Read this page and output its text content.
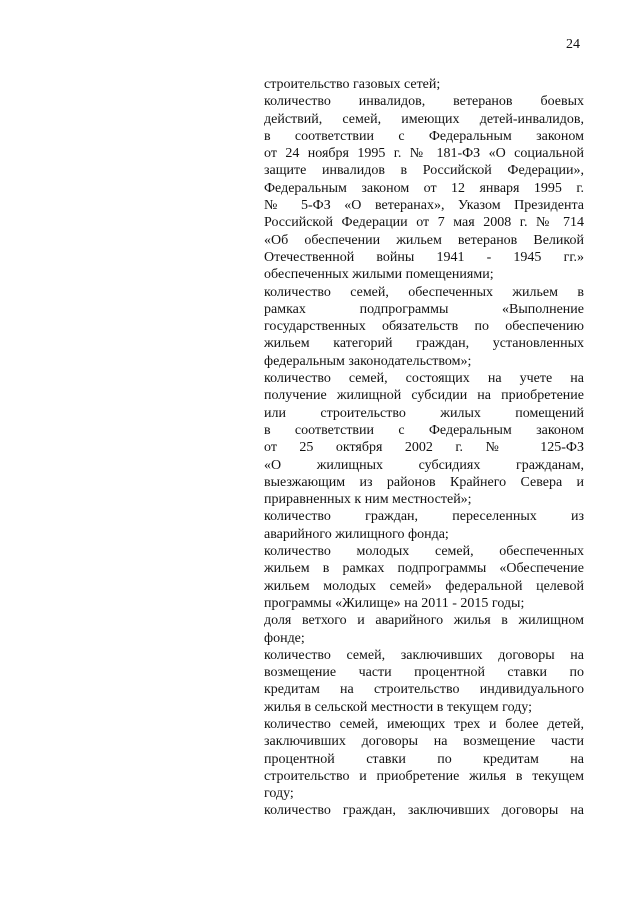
24
строительство газовых сетей;
количество инвалидов, ветеранов боевых
действий, семей, имеющих детей-инвалидов,
в соответствии с Федеральным законом
от 24 ноября 1995 г. № 181-ФЗ «О социальной
защите инвалидов в Российской Федерации»,
Федеральным законом от 12 января 1995 г.
№ 5-ФЗ «О ветеранах», Указом Президента
Российской Федерации от 7 мая 2008 г. № 714
«Об обеспечении жильем ветеранов Великой
Отечественной войны 1941 - 1945 гг.»
обеспеченных жилыми помещениями;
количество семей, обеспеченных жильем в
рамках подпрограммы «Выполнение
государственных обязательств по обеспечению
жильем категорий граждан, установленных
федеральным законодательством»;
количество семей, состоящих на учете на
получение жилищной субсидии на приобретение
или строительство жилых помещений
в соответствии с Федеральным законом
от 25 октября 2002 г. № 125-ФЗ
«О жилищных субсидиях гражданам,
выезжающим из районов Крайнего Севера и
приравненных к ним местностей»;
количество граждан, переселенных из
аварийного жилищного фонда;
количество молодых семей, обеспеченных
жильем в рамках подпрограммы «Обеспечение
жильем молодых семей» федеральной целевой
программы «Жилище» на 2011 - 2015 годы;
доля ветхого и аварийного жилья в жилищном
фонде;
количество семей, заключивших договоры на
возмещение части процентной ставки по
кредитам на строительство индивидуального
жилья в сельской местности в текущем году;
количество семей, имеющих трех и более детей,
заключивших договоры на возмещение части
процентной ставки по кредитам на
строительство и приобретение жилья в текущем
году;
количество граждан, заключивших договоры на
